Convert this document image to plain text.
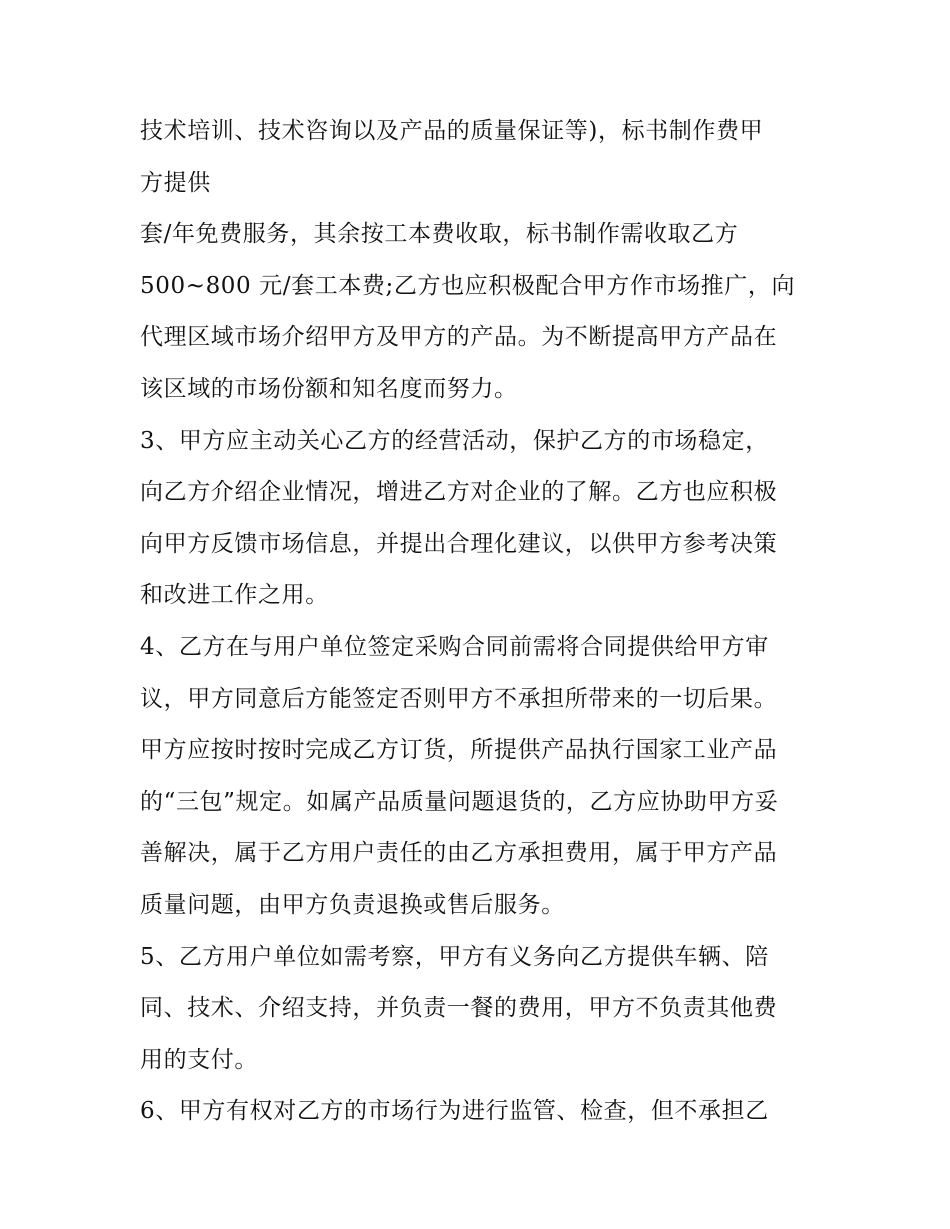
技术培训、技术咨询以及产品的质量保证等)，标书制作费甲
方提供
套/年免费服务，其余按工本费收取，标书制作需收取乙方
500~800 元/套工本费;乙方也应积极配合甲方作市场推广，向
代理区域市场介绍甲方及甲方的产品。为不断提高甲方产品在
该区域的市场份额和知名度而努力。
3、甲方应主动关心乙方的经营活动，保护乙方的市场稳定，
向乙方介绍企业情况，增进乙方对企业的了解。乙方也应积极
向甲方反馈市场信息，并提出合理化建议，以供甲方参考决策
和改进工作之用。
4、乙方在与用户单位签定采购合同前需将合同提供给甲方审
议，甲方同意后方能签定否则甲方不承担所带来的一切后果。
甲方应按时按时完成乙方订货，所提供产品执行国家工业产品
的“三包”规定。如属产品质量问题退货的，乙方应协助甲方妥
善解决，属于乙方用户责任的由乙方承担费用，属于甲方产品
质量问题，由甲方负责退换或售后服务。
5、乙方用户单位如需考察，甲方有义务向乙方提供车辆、陪
同、技术、介绍支持，并负责一餐的费用，甲方不负责其他费
用的支付。
6、甲方有权对乙方的市场行为进行监管、检查，但不承担乙
